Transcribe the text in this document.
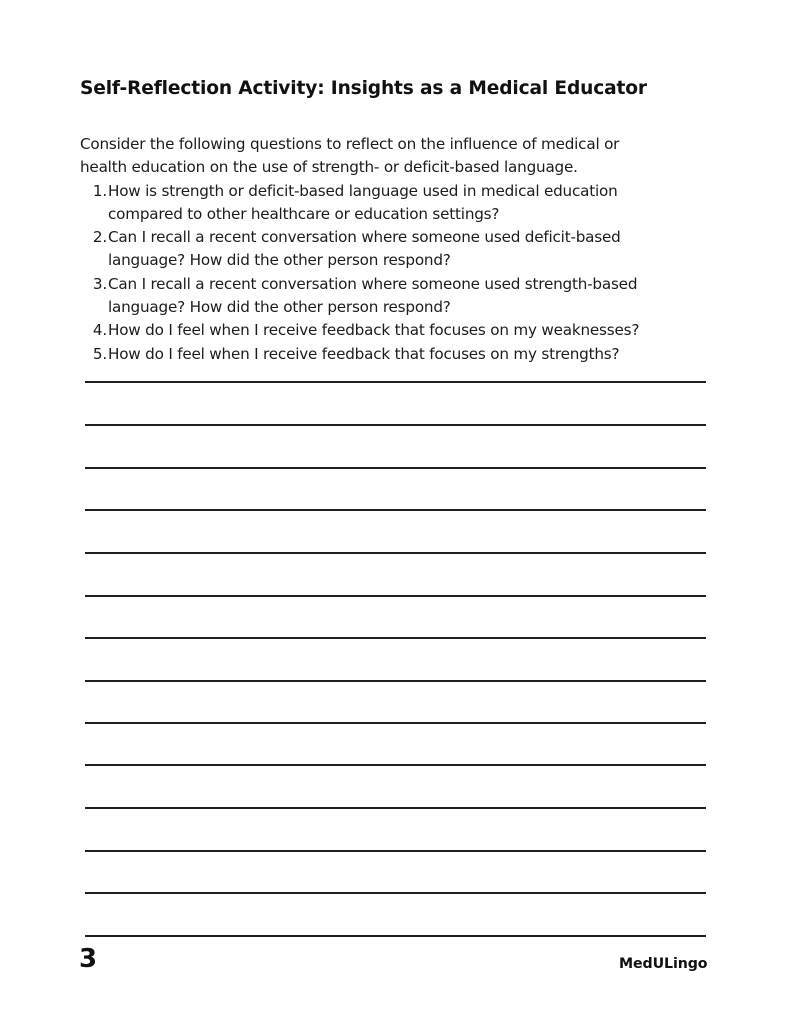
Self-Reflection Activity: Insights as a Medical Educator
Consider the following questions to reflect on the influence of medical or
health education on the use of strength- or deficit-based language.
1. How is strength or deficit-based language used in medical education
compared to other healthcare or education settings?
2. Can I recall a recent conversation where someone used deficit-based
language? How did the other person respond?
3. Can I recall a recent conversation where someone used strength-based
language? How did the other person respond?
4. How do I feel when I receive feedback that focuses on my weaknesses?
5. How do I feel when I receive feedback that focuses on my strengths?
3	MedULingo
